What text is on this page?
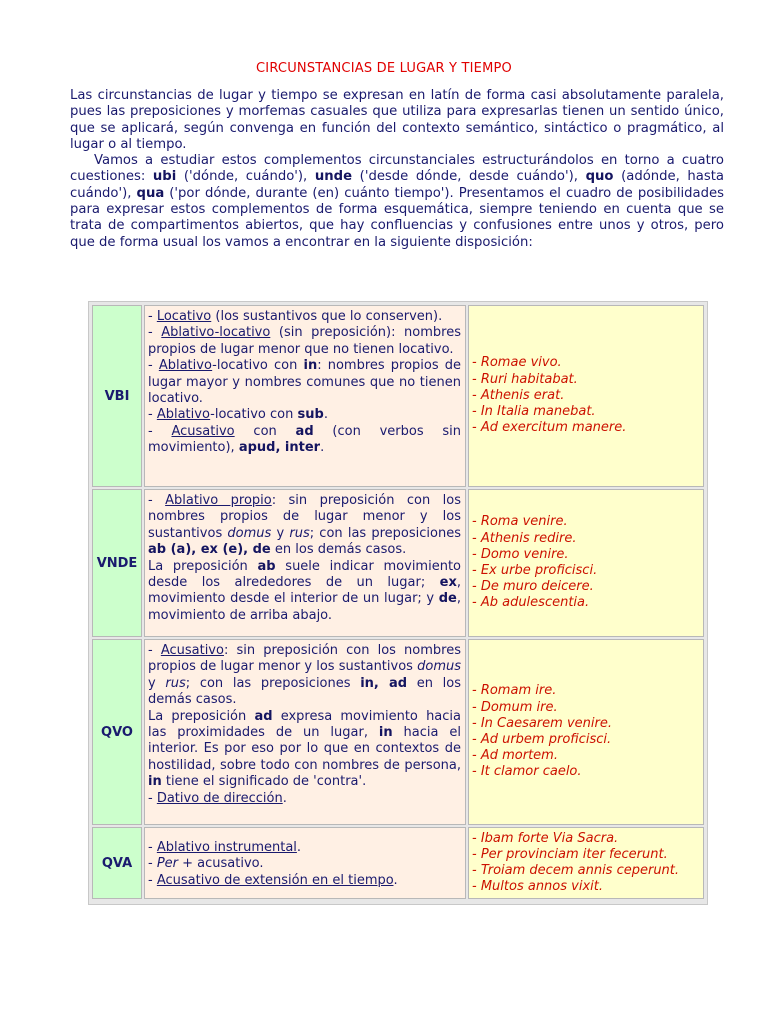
CIRCUNSTANCIAS DE LUGAR Y TIEMPO

Las circunstancias de lugar y tiempo se expresan en latín de forma casi absolutamente paralela, pues las preposiciones y morfemas casuales que utiliza para expresarlas tienen un sentido único, que se aplicará, según convenga en función del contexto semántico, sintáctico o pragmático, al lugar o al tiempo.

Vamos a estudiar estos complementos circunstanciales estructurándolos en torno a cuatro cuestiones: ubi ('dónde, cuándo'), unde ('desde dónde, desde cuándo'), quo (adónde, hasta cuándo'), qua ('por dónde, durante (en) cuánto tiempo'). Presentamos el cuadro de posibilidades para expresar estos complementos de forma esquemática, siempre teniendo en cuenta que se trata de compartimentos abiertos, que hay confluencias y confusiones entre unos y otros, pero que de forma usual los vamos a encontrar en la siguiente disposición:

VBI
- Locativo (los sustantivos que lo conserven).
- Ablativo-locativo (sin preposición): nombres propios de lugar menor que no tienen locativo.
- Ablativo-locativo con in: nombres propios de lugar mayor y nombres comunes que no tienen locativo.
- Ablativo-locativo con sub.
- Acusativo con ad (con verbos sin movimiento), apud, inter.
- Romae vivo.
- Ruri habitabat.
- Athenis erat.
- In Italia manebat.
- Ad exercitum manere.
VNDE
- Ablativo propio: sin preposición con los nombres propios de lugar menor y los sustantivos domus y rus; con las preposiciones ab (a), ex (e), de en los demás casos.
La preposición ab suele indicar movimiento desde los alrededores de un lugar; ex, movimiento desde el interior de un lugar; y de, movimiento de arriba abajo.
- Roma venire.
- Athenis redire.
- Domo venire.
- Ex urbe proficisci.
- De muro deicere.
- Ab adulescentia.
QVO
- Acusativo: sin preposición con los nombres propios de lugar menor y los sustantivos domus y rus; con las preposiciones in, ad en los demás casos.
La preposición ad expresa movimiento hacia las proximidades de un lugar, in hacia el interior. Es por eso por lo que en contextos de hostilidad, sobre todo con nombres de persona, in tiene el significado de 'contra'.
- Dativo de dirección.
- Romam ire.
- Domum ire.
- In Caesarem venire.
- Ad urbem proficisci.
- Ad mortem.
- It clamor caelo.
QVA
- Ablativo instrumental.
- Per + acusativo.
- Acusativo de extensión en el tiempo.
- Ibam forte Via Sacra.
- Per provinciam iter fecerunt.
- Troiam decem annis ceperunt.
- Multos annos vixit.
